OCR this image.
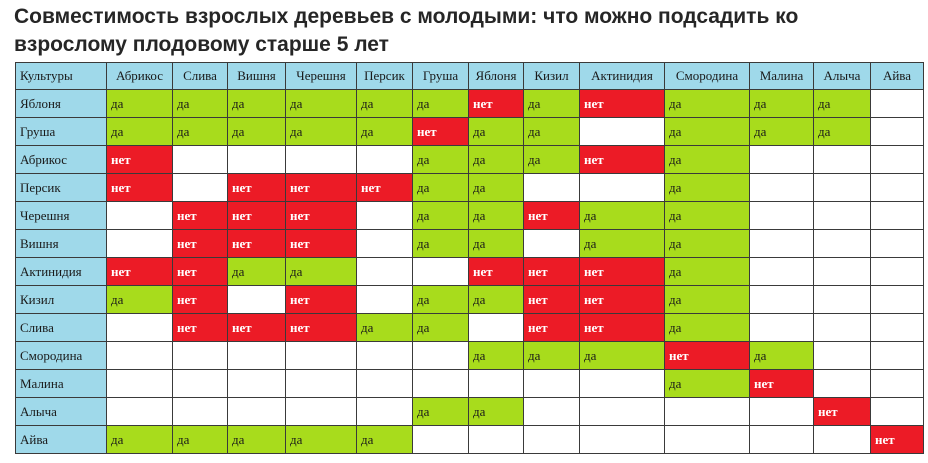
Совместимость взрослых деревьев с молодыми: что можно подсадить ко взрослому плодовому старше 5 лет
Культуры	Абрикос	Слива	Вишня	Черешня	Персик	Груша	Яблоня	Кизил	Актинидия	Смородина	Малина	Алыча	Айва
Яблоня	да	да	да	да	да	да	нет	да	нет	да	да	да	
Груша	да	да	да	да	да	нет	да	да		да	да	да	
Абрикос	нет					да	да	да	нет	да			
Персик	нет		нет	нет	нет	да	да			да			
Черешня		нет	нет	нет		да	да	нет	да	да			
Вишня		нет	нет	нет		да	да		да	да			
Актинидия	нет	нет	да	да			нет	нет	нет	да			
Кизил	да	нет		нет		да	да	нет	нет	да			
Слива		нет	нет	нет	да	да		нет	нет	да			
Смородина							да	да	да	нет	да		
Малина										да	нет		
Алыча						да	да					нет	
Айва	да	да	да	да	да								нет
